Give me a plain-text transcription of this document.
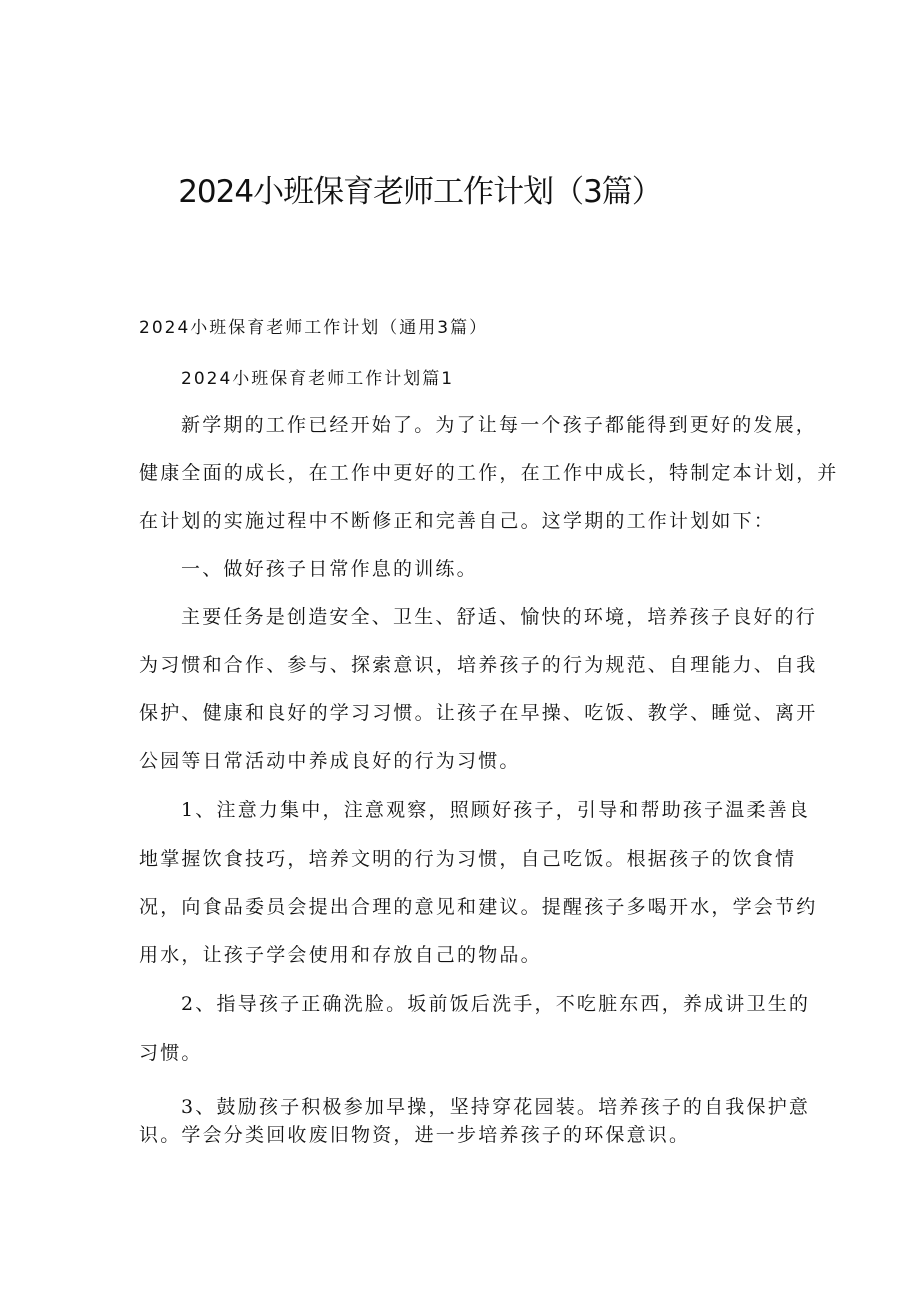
2024小班保育老师工作计划（3篇）

2024小班保育老师工作计划（通用3篇）

2024小班保育老师工作计划篇1

新学期的工作已经开始了。为了让每一个孩子都能得到更好的发展，

健康全面的成长，在工作中更好的工作，在工作中成长，特制定本计划，并

在计划的实施过程中不断修正和完善自己。这学期的工作计划如下：

一、做好孩子日常作息的训练。

主要任务是创造安全、卫生、舒适、愉快的环境，培养孩子良好的行

为习惯和合作、参与、探索意识，培养孩子的行为规范、自理能力、自我

保护、健康和良好的学习习惯。让孩子在早操、吃饭、教学、睡觉、离开

公园等日常活动中养成良好的行为习惯。

1、注意力集中，注意观察，照顾好孩子，引导和帮助孩子温柔善良

地掌握饮食技巧，培养文明的行为习惯，自己吃饭。根据孩子的饮食情

况，向食品委员会提出合理的意见和建议。提醒孩子多喝开水，学会节约

用水，让孩子学会使用和存放自己的物品。

2、指导孩子正确洗脸。坂前饭后洗手，不吃脏东西，养成讲卫生的

习惯。

3、鼓励孩子积极参加早操，坚持穿花园装。培养孩子的自我保护意

识。学会分类回收废旧物资，进一步培养孩子的环保意识。
